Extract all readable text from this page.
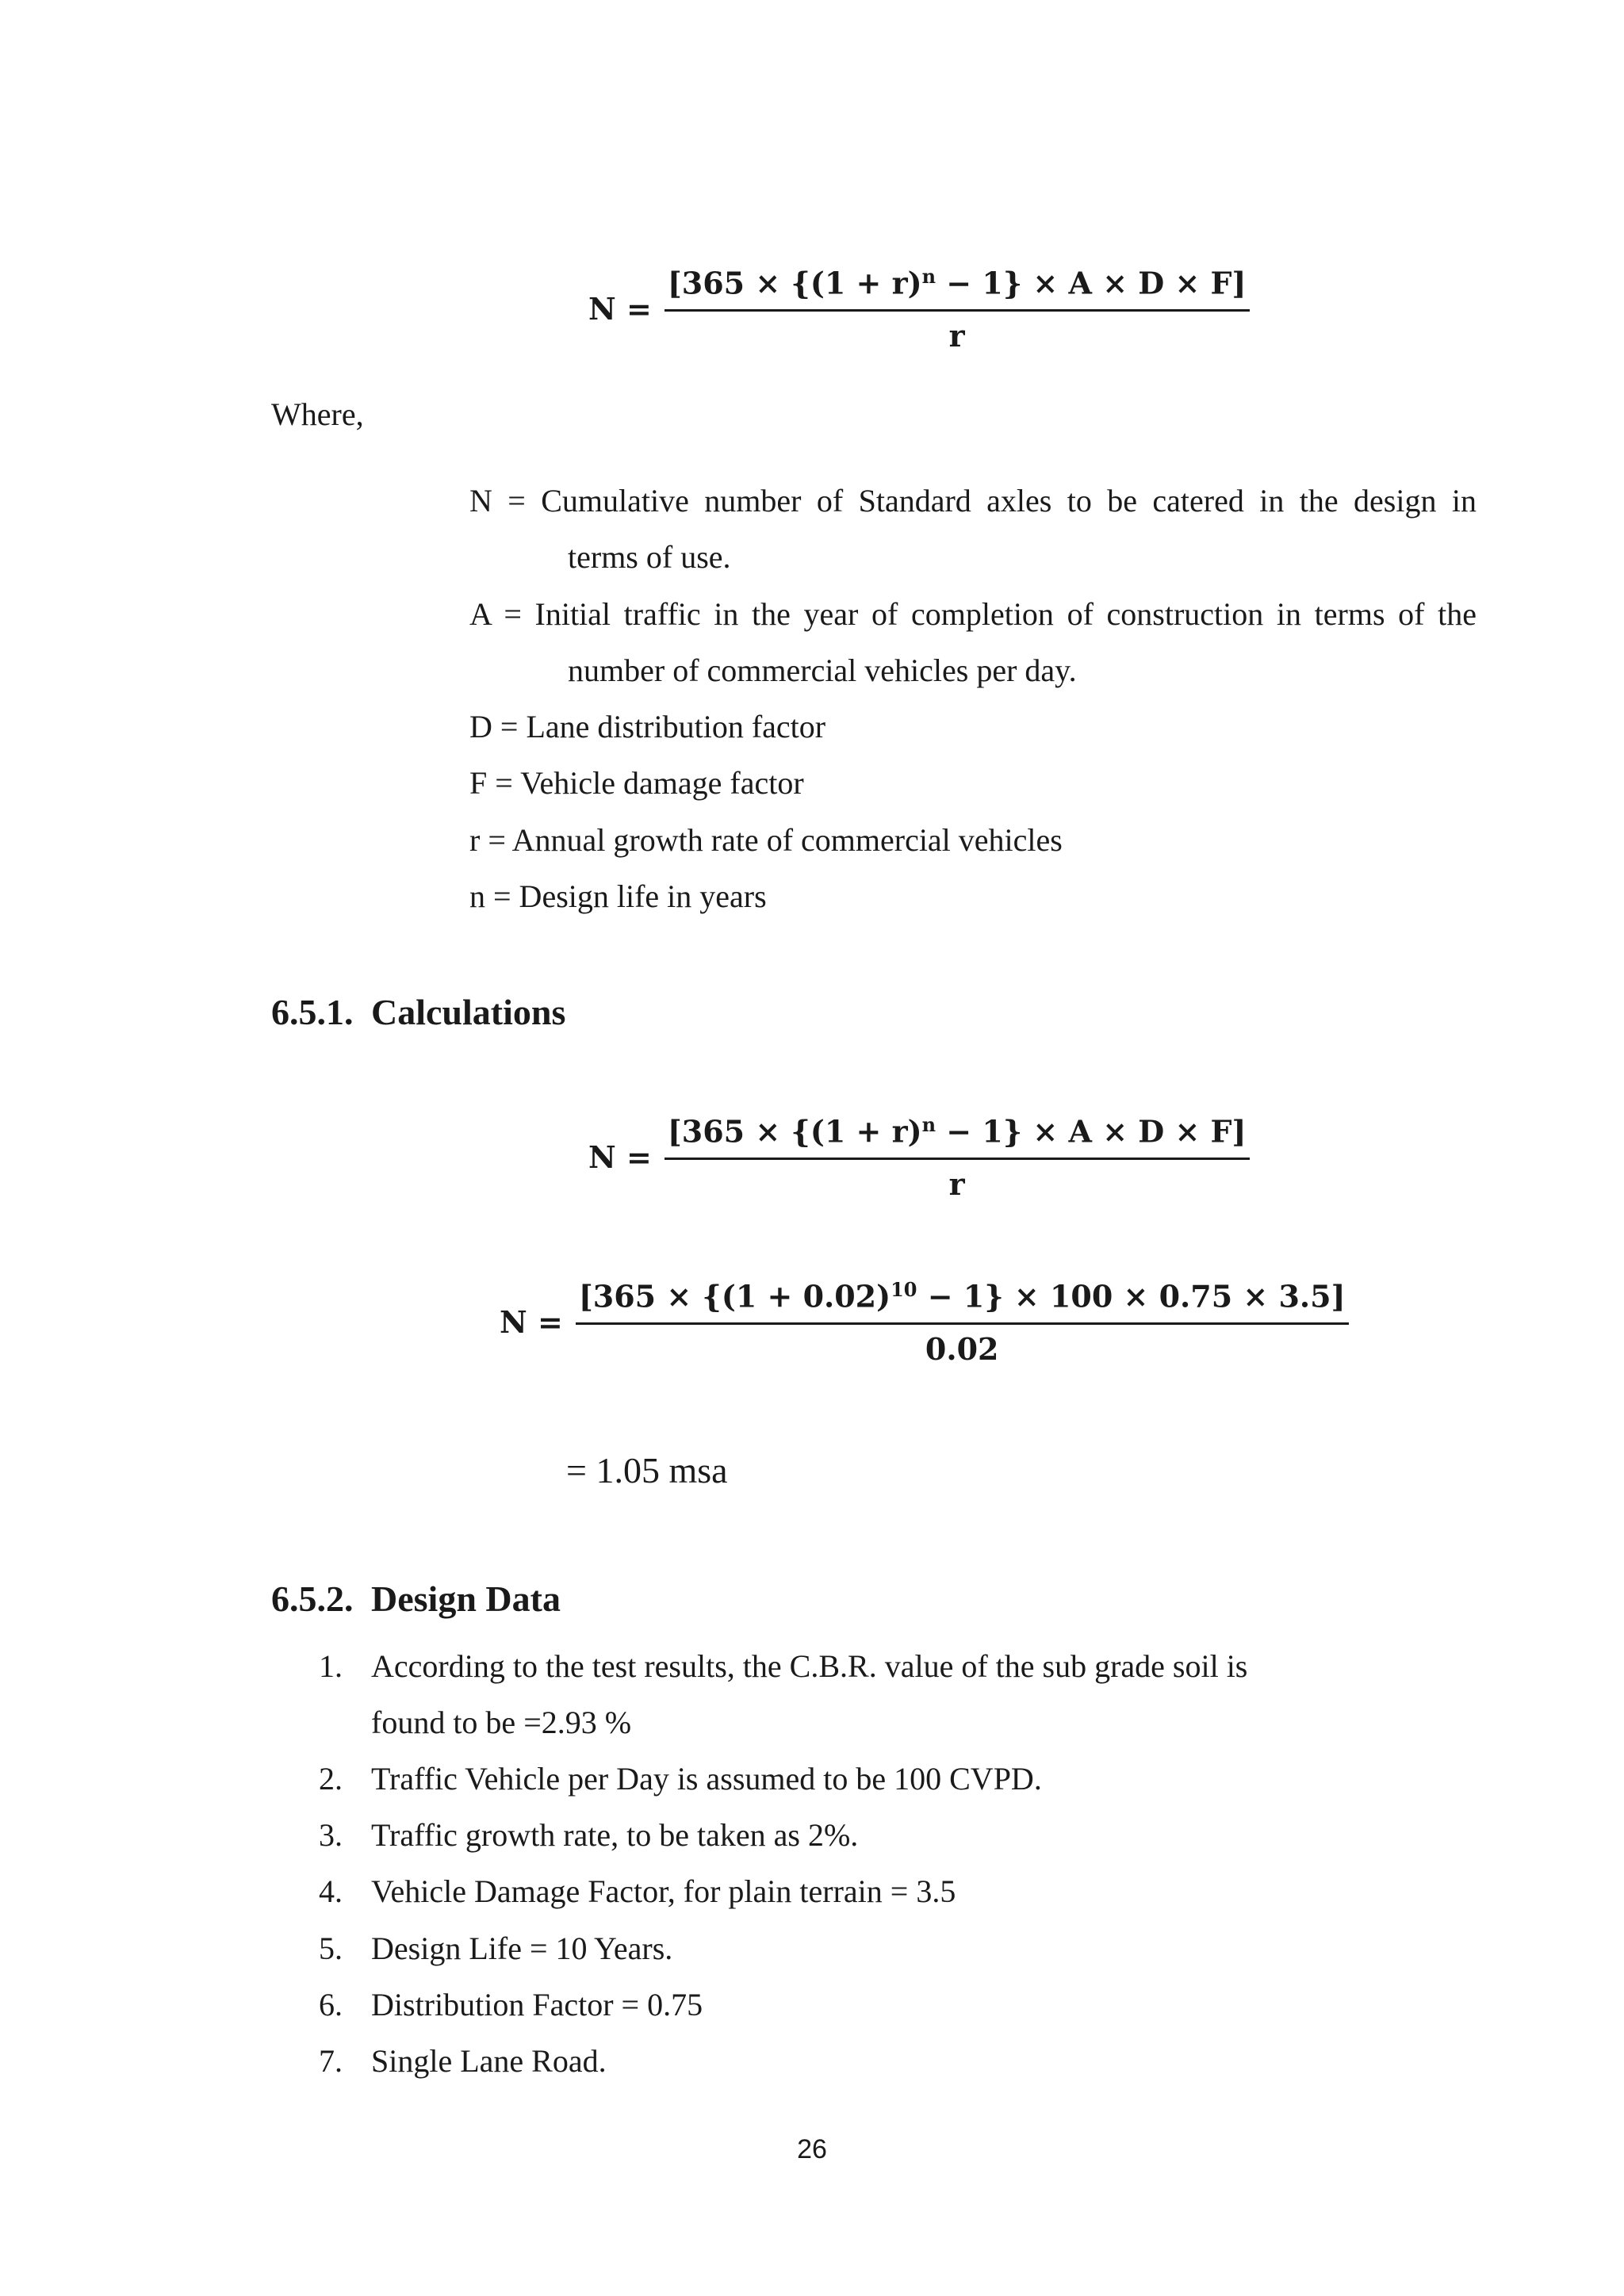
$N = \frac{[365 \times \{(1 + r)^n - 1\} \times A \times D \times F]}{r}$
Where,
N = Cumulative number of Standard axles to be catered in the design in
terms of use.
A = Initial traffic in the year of completion of construction in terms of the
number of commercial vehicles per day.
D = Lane distribution factor
F = Vehicle damage factor
r = Annual growth rate of commercial vehicles
n = Design life in years
6.5.1. Calculations
$N = \frac{[365 \times \{(1 + r)^n - 1\} \times A \times D \times F]}{r}$
$N = \frac{[365 \times \{(1 + 0.02)^{10} - 1\} \times 100 \times 0.75 \times 3.5]}{0.02}$
= 1.05 msa
6.5.2. Design Data
1. According to the test results, the C.B.R. value of the sub grade soil is
found to be =2.93 %
2. Traffic Vehicle per Day is assumed to be 100 CVPD.
3. Traffic growth rate, to be taken as 2%.
4. Vehicle Damage Factor, for plain terrain = 3.5
5. Design Life = 10 Years.
6. Distribution Factor = 0.75
7. Single Lane Road.
26
